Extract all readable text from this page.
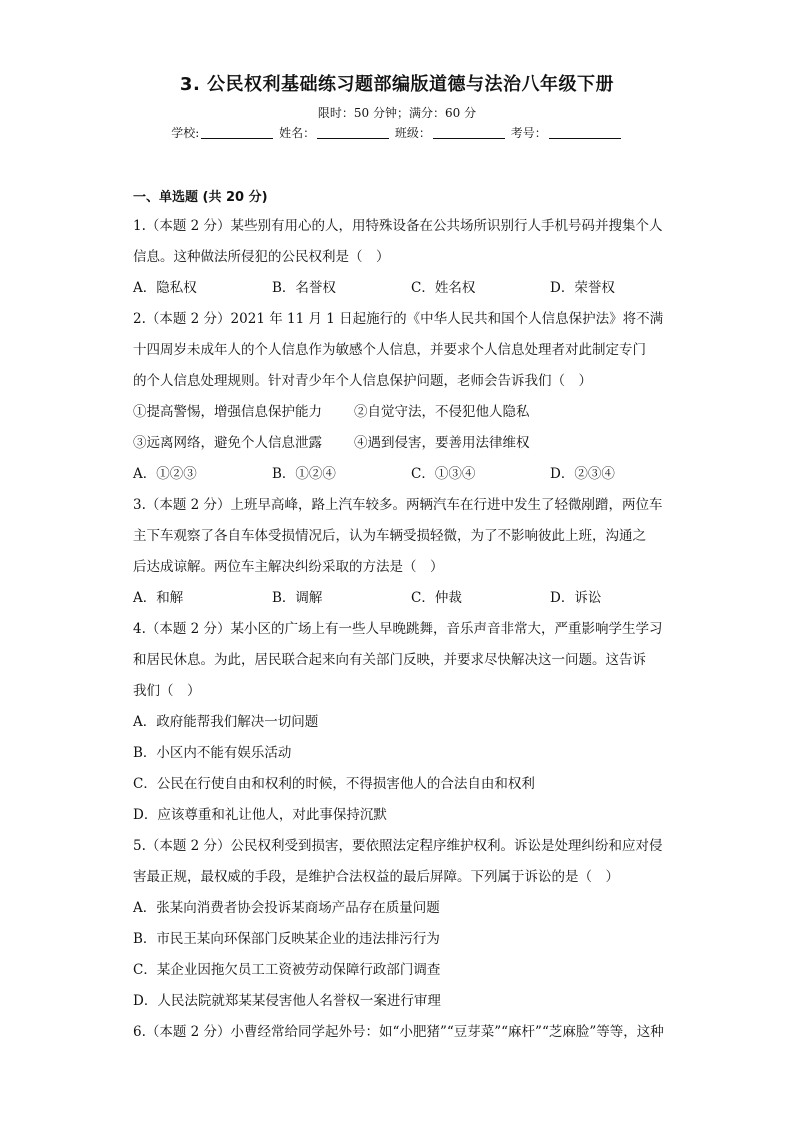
3. 公民权利基础练习题部编版道德与法治八年级下册
限时：50 分钟；满分：60 分
学校:	姓名：	班级：	考号：
一、单选题 (共 20 分)
1.（本题 2 分）某些别有用心的人，用特殊设备在公共场所识别行人手机号码并搜集个人
信息。这种做法所侵犯的公民权利是（　）
A．隐私权	B．名誉权	C．姓名权	D．荣誉权
2.（本题 2 分）2021 年 11 月 1 日起施行的《中华人民共和国个人信息保护法》将不满
十四周岁未成年人的个人信息作为敏感个人信息，并要求个人信息处理者对此制定专门
的个人信息处理规则。针对青少年个人信息保护问题，老师会告诉我们（　）
①提高警惕，增强信息保护能力 ②自觉守法，不侵犯他人隐私
③远离网络，避免个人信息泄露 ④遇到侵害，要善用法律维权
A．①②③	B．①②④	C．①③④	D．②③④
3.（本题 2 分）上班早高峰，路上汽车较多。两辆汽车在行进中发生了轻微剐蹭，两位车
主下车观察了各自车体受损情况后，认为车辆受损轻微，为了不影响彼此上班，沟通之
后达成谅解。两位车主解决纠纷采取的方法是（　）
A．和解	B．调解	C．仲裁	D．诉讼
4.（本题 2 分）某小区的广场上有一些人早晚跳舞，音乐声音非常大，严重影响学生学习
和居民休息。为此，居民联合起来向有关部门反映，并要求尽快解决这一问题。这告诉
我们（　）
A．政府能帮我们解决一切问题
B．小区内不能有娱乐活动
C．公民在行使自由和权利的时候，不得损害他人的合法自由和权利
D．应该尊重和礼让他人，对此事保持沉默
5.（本题 2 分）公民权利受到损害，要依照法定程序维护权利。诉讼是处理纠纷和应对侵
害最正规，最权威的手段，是维护合法权益的最后屏障。下列属于诉讼的是（　）
A．张某向消费者协会投诉某商场产品存在质量问题
B．市民王某向环保部门反映某企业的违法排污行为
C．某企业因拖欠员工工资被劳动保障行政部门调查
D．人民法院就郑某某侵害他人名誉权一案进行审理
6.（本题 2 分）小曹经常给同学起外号：如“小肥猪”“豆芽菜”“麻杆”“芝麻脸”等等，这种
